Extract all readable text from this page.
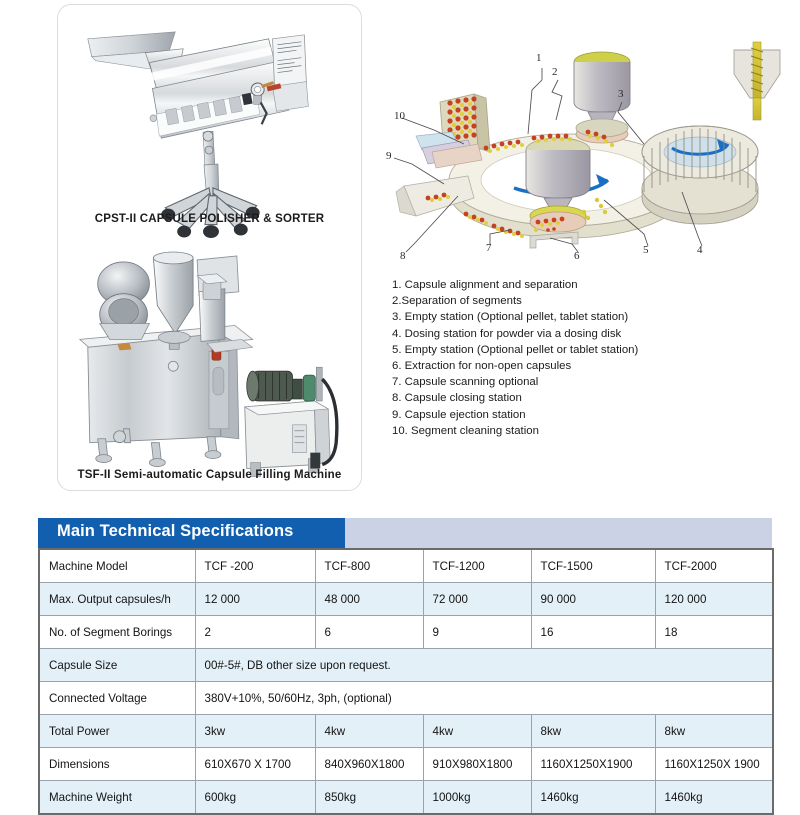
CPST-II CAPSULE POLISHER & SORTER
TSF-II Semi-automatic Capsule Filling Machine
1
2
3
4
5
6
7
8
9
10
1. Capsule alignment and separation
2.Separation of segments
3. Empty station (Optional pellet, tablet station)
4. Dosing station for powder via a dosing disk
5. Empty station (Optional pellet or tablet station)
6. Extraction for non-open capsules
7. Capsule scanning optional
8. Capsule closing station
9. Capsule ejection station
10. Segment cleaning station
Main Technical Specifications
Machine Model	TCF -200	TCF-800	TCF-1200	TCF-1500	TCF-2000
Max. Output capsules/h	12 000	48 000	72 000	90 000	120 000
No. of Segment Borings	2	6	9	16	18
Capsule Size	00#-5#, DB other size upon request.				
Connected Voltage	380V+10%, 50/60Hz, 3ph, (optional)				
Total Power	3kw	4kw	4kw	8kw	8kw
Dimensions	610X670 X 1700	840X960X1800	910X980X1800	1160X1250X1900	1160X1250X 1900
Machine Weight	600kg	850kg	1000kg	1460kg	1460kg
